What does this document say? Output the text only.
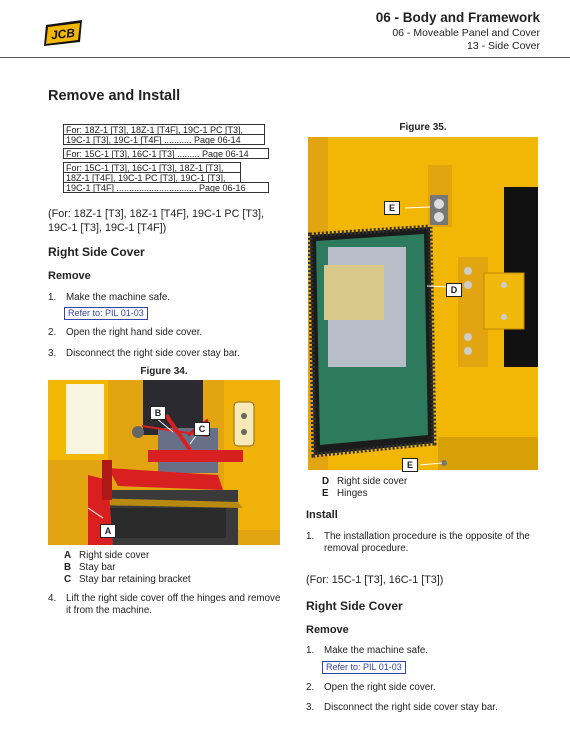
JCB
06 - Body and Framework
06 - Moveable Panel and Cover
13 - Side Cover
Remove and Install
For: 18Z-1 [T3], 18Z-1 [T4F], 19C-1 PC [T3],
19C-1 [T3], 19C-1 [T4F] ........... Page 06-14
For: 15C-1 [T3], 16C-1 [T3] ......... Page 06-14
For: 15C-1 [T3], 16C-1 [T3], 18Z-1 [T3],
18Z-1 [T4F], 19C-1 PC [T3], 19C-1 [T3],
19C-1 [T4F] ................................ Page 06-16
(For: 18Z-1 [T3], 18Z-1 [T4F], 19C-1 PC [T3], 19C-1 [T3], 19C-1 [T4F])
Right Side Cover
Remove
1. Make the machine safe.
Refer to: PIL 01-03
2. Open the right hand side cover.
3. Disconnect the right side cover stay bar.
Figure 34.
B
C
A
A Right side cover
B Stay bar
C Stay bar retaining bracket
4. Lift the right side cover off the hinges and remove
it from the machine.
Figure 35.
E
D
E
D Right side cover
E Hinges
Install
1. The installation procedure is the opposite of the
removal procedure.
(For: 15C-1 [T3], 16C-1 [T3])
Right Side Cover
Remove
1. Make the machine safe.
Refer to: PIL 01-03
2. Open the right side cover.
3. Disconnect the right side cover stay bar.
